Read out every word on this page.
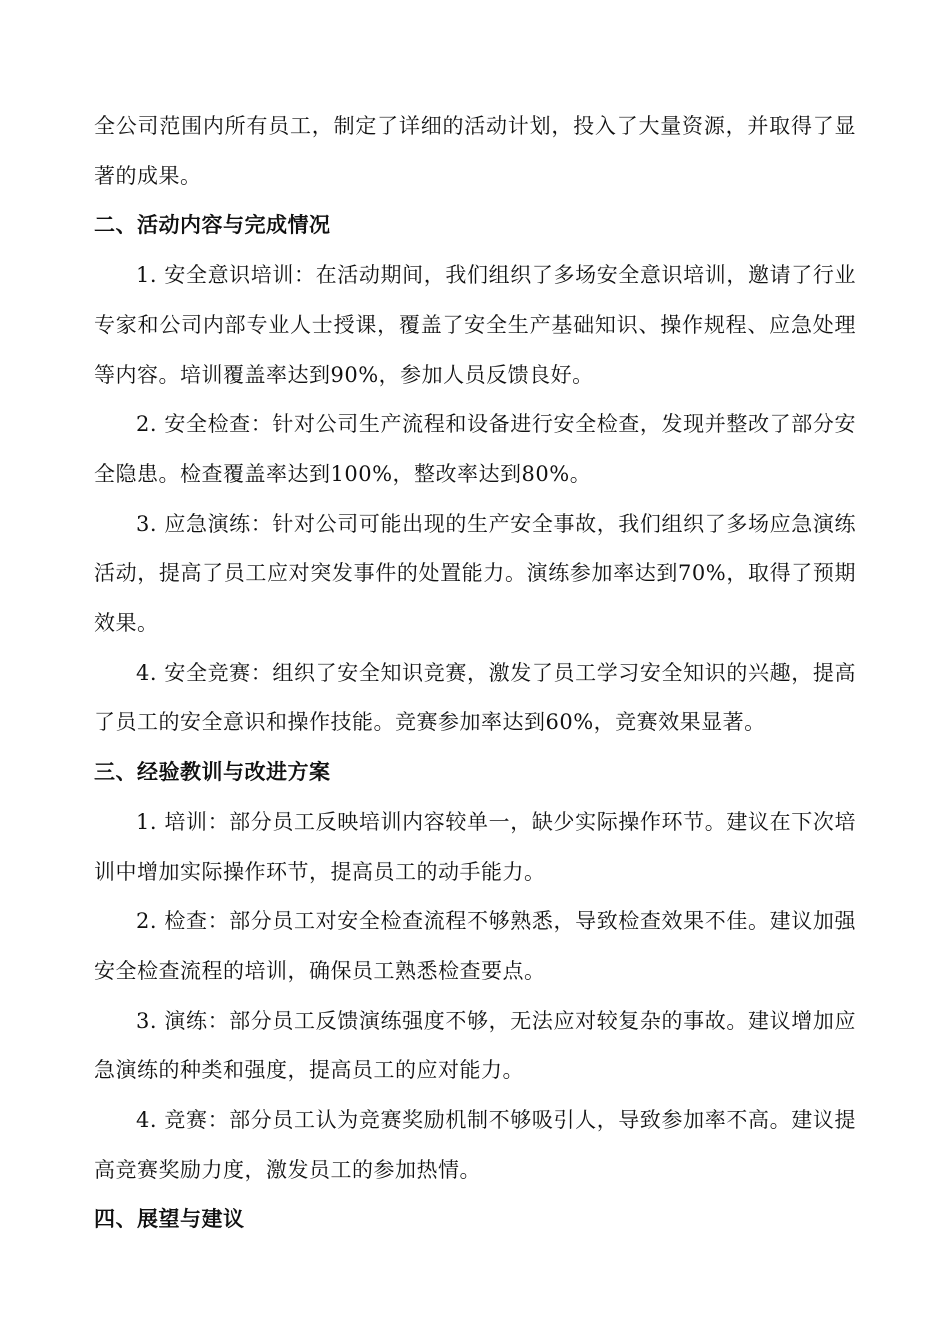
全公司范围内所有员工，制定了详细的活动计划，投入了大量资源，并取得了显著的成果。

二、活动内容与完成情况

1. 安全意识培训：在活动期间，我们组织了多场安全意识培训，邀请了行业专家和公司内部专业人士授课，覆盖了安全生产基础知识、操作规程、应急处理等内容。培训覆盖率达到90%，参加人员反馈良好。

2. 安全检查：针对公司生产流程和设备进行安全检查，发现并整改了部分安全隐患。检查覆盖率达到100%，整改率达到80%。

3. 应急演练：针对公司可能出现的生产安全事故，我们组织了多场应急演练活动，提高了员工应对突发事件的处置能力。演练参加率达到70%，取得了预期效果。

4. 安全竞赛：组织了安全知识竞赛，激发了员工学习安全知识的兴趣，提高了员工的安全意识和操作技能。竞赛参加率达到60%，竞赛效果显著。

三、经验教训与改进方案

1. 培训：部分员工反映培训内容较单一，缺少实际操作环节。建议在下次培训中增加实际操作环节，提高员工的动手能力。

2. 检查：部分员工对安全检查流程不够熟悉，导致检查效果不佳。建议加强安全检查流程的培训，确保员工熟悉检查要点。

3. 演练：部分员工反馈演练强度不够，无法应对较复杂的事故。建议增加应急演练的种类和强度，提高员工的应对能力。

4. 竞赛：部分员工认为竞赛奖励机制不够吸引人，导致参加率不高。建议提高竞赛奖励力度，激发员工的参加热情。

四、展望与建议
